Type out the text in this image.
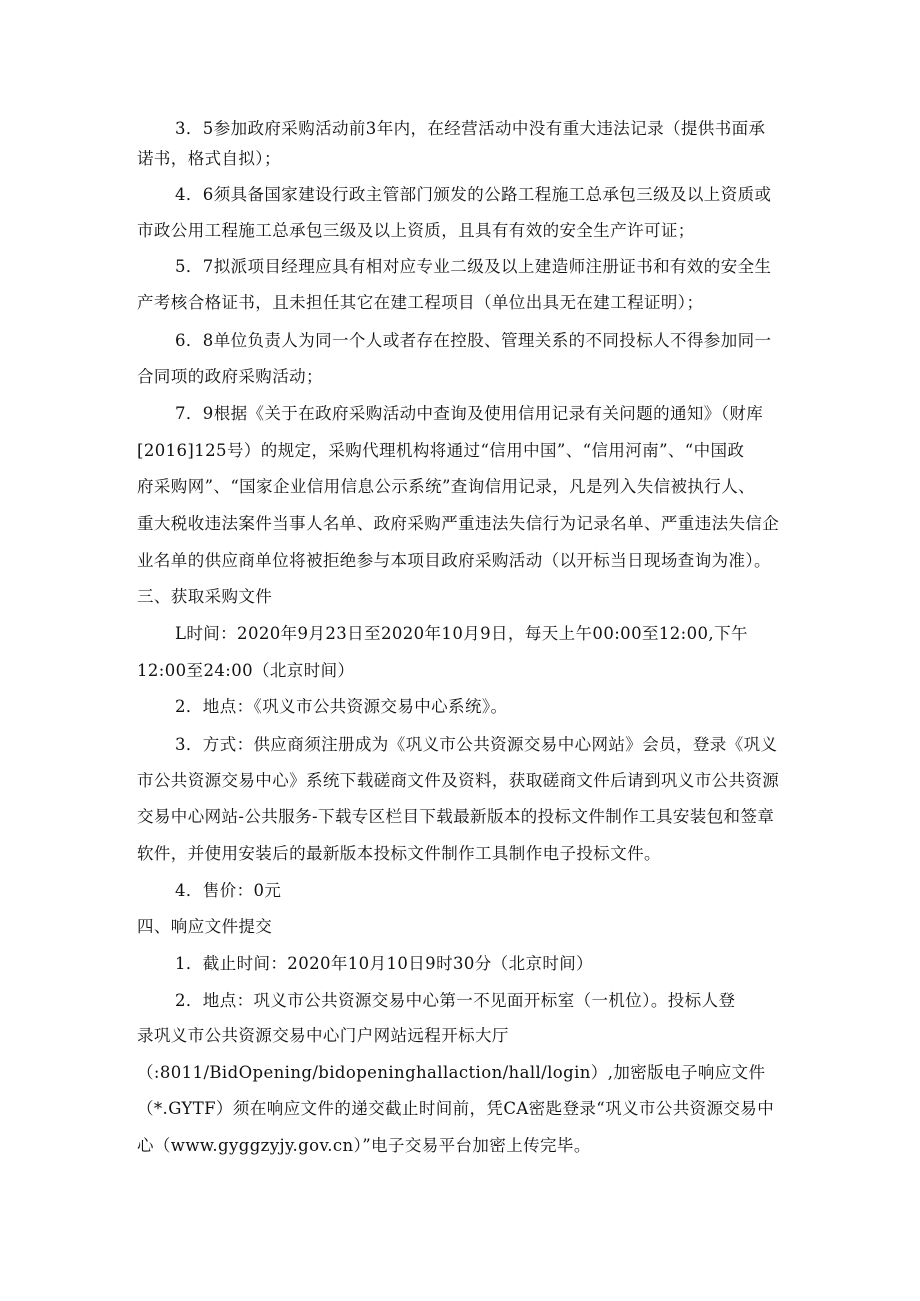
3．5参加政府采购活动前3年内，在经营活动中没有重大违法记录（提供书面承
诺书，格式自拟）；
4．6须具备国家建设行政主管部门颁发的公路工程施工总承包三级及以上资质或
市政公用工程施工总承包三级及以上资质，且具有有效的安全生产许可证；
5．7拟派项目经理应具有相对应专业二级及以上建造师注册证书和有效的安全生
产考核合格证书，且未担任其它在建工程项目（单位出具无在建工程证明）；
6．8单位负责人为同一个人或者存在控股、管理关系的不同投标人不得参加同一
合同项的政府采购活动；
7．9根据《关于在政府采购活动中查询及使用信用记录有关问题的通知》（财库
[2016]125号）的规定，采购代理机构将通过“信用中国”、“信用河南”、“中国政
府采购网”、“国家企业信用信息公示系统”查询信用记录，凡是列入失信被执行人、
重大税收违法案件当事人名单、政府采购严重违法失信行为记录名单、严重违法失信企
业名单的供应商单位将被拒绝参与本项目政府采购活动（以开标当日现场查询为准）。
三、获取采购文件
L时间：2020年9月23日至2020年10月9日，每天上午00:00至12:00,下午
12:00至24:00（北京时间）
2．地点：《巩义市公共资源交易中心系统》。
3．方式：供应商须注册成为《巩义市公共资源交易中心网站》会员，登录《巩义
市公共资源交易中心》系统下载磋商文件及资料，获取磋商文件后请到巩义市公共资源
交易中心网站-公共服务-下载专区栏目下载最新版本的投标文件制作工具安装包和签章
软件，并使用安装后的最新版本投标文件制作工具制作电子投标文件。
4．售价：0元
四、响应文件提交
1．截止时间：2020年10月10日9时30分（北京时间）
2．地点：巩义市公共资源交易中心第一不见面开标室（一机位）。投标人登
录巩义市公共资源交易中心门户网站远程开标大厅
（:8011/BidOpening/bidopeninghallaction/hall/login）,加密版电子响应文件
（*.GYTF）须在响应文件的递交截止时间前，凭CA密匙登录“巩义市公共资源交易中
心（www.gyggzyjy.gov.cn）”电子交易平台加密上传完毕。
